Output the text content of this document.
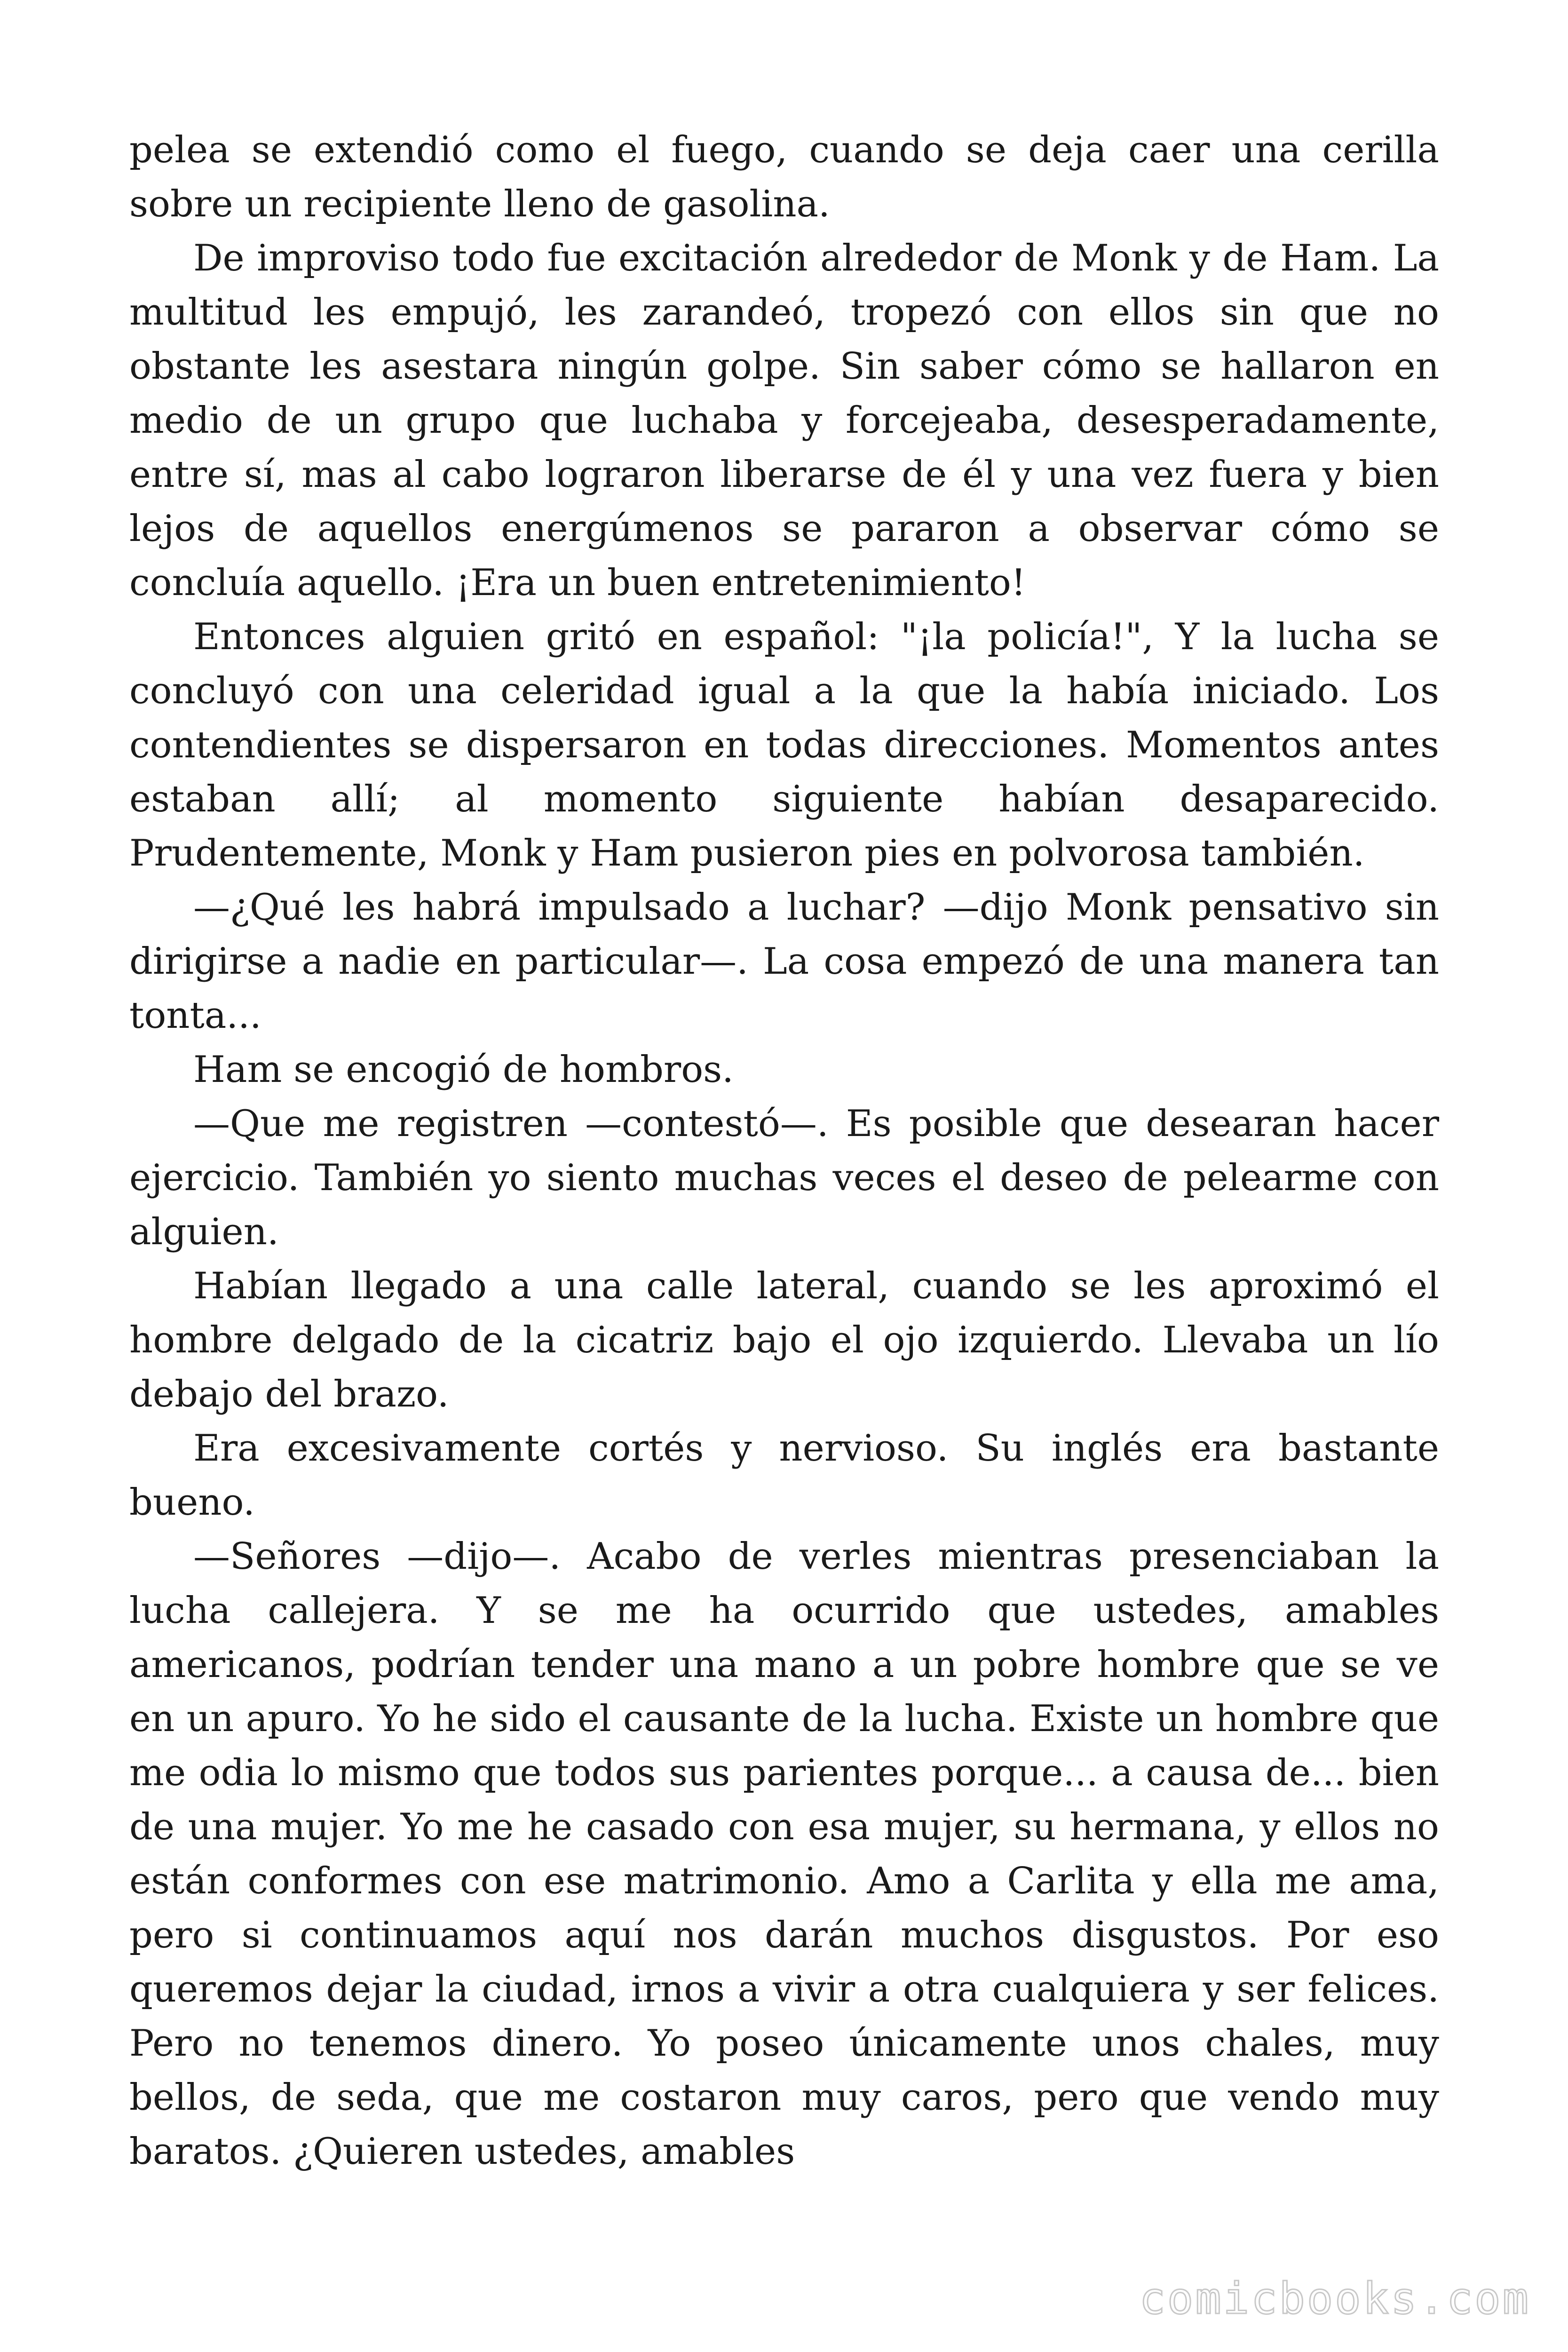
pelea se extendió como el fuego, cuando se deja caer una cerilla sobre un recipiente lleno de gasolina.

De improviso todo fue excitación alrededor de Monk y de Ham. La multitud les empujó, les zarandeó, tropezó con ellos sin que no obstante les asestara ningún golpe. Sin saber cómo se hallaron en medio de un grupo que luchaba y forcejeaba, desesperadamente, entre sí, mas al cabo lograron liberarse de él y una vez fuera y bien lejos de aquellos energúmenos se pararon a observar cómo se concluía aquello. ¡Era un buen entretenimiento!

Entonces alguien gritó en español: "¡la policía!", Y la lucha se concluyó con una celeridad igual a la que la había iniciado. Los contendientes se dispersaron en todas direcciones. Momentos antes estaban allí; al momento siguiente habían desaparecido. Prudentemente, Monk y Ham pusieron pies en polvorosa también.

—¿Qué les habrá impulsado a luchar? —dijo Monk pensativo sin dirigirse a nadie en particular—. La cosa empezó de una manera tan tonta...

Ham se encogió de hombros.

—Que me registren —contestó—. Es posible que desearan hacer ejercicio. También yo siento muchas veces el deseo de pelearme con alguien.

Habían llegado a una calle lateral, cuando se les aproximó el hombre delgado de la cicatriz bajo el ojo izquierdo. Llevaba un lío debajo del brazo.

Era excesivamente cortés y nervioso. Su inglés era bastante bueno.

—Señores —dijo—. Acabo de verles mientras presenciaban la lucha callejera. Y se me ha ocurrido que ustedes, amables americanos, podrían tender una mano a un pobre hombre que se ve en un apuro. Yo he sido el causante de la lucha. Existe un hombre que me odia lo mismo que todos sus parientes porque... a causa de... bien de una mujer. Yo me he casado con esa mujer, su hermana, y ellos no están conformes con ese matrimonio. Amo a Carlita y ella me ama, pero si continuamos aquí nos darán muchos disgustos. Por eso queremos dejar la ciudad, irnos a vivir a otra cualquiera y ser felices. Pero no tenemos dinero. Yo poseo únicamente unos chales, muy bellos, de seda, que me costaron muy caros, pero que vendo muy baratos. ¿Quieren ustedes, amables

comicbooks.com
